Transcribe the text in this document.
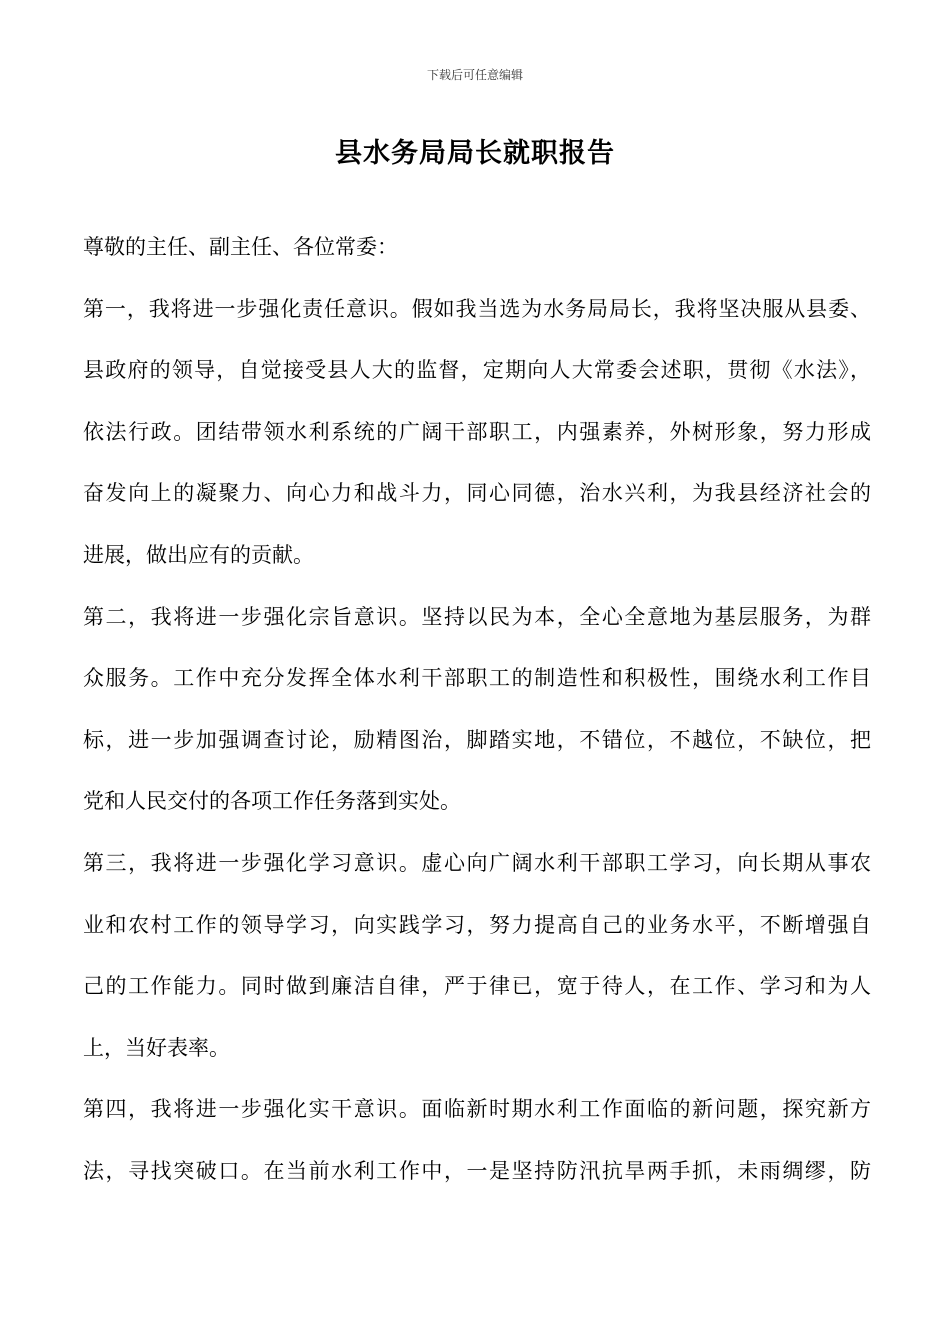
下载后可任意编辑
县水务局局长就职报告
尊敬的主任、副主任、各位常委：
第一，我将进一步强化责任意识。假如我当选为水务局局长，我将坚决服从县委、
县政府的领导，自觉接受县人大的监督，定期向人大常委会述职，贯彻《水法》，
依法行政。团结带领水利系统的广阔干部职工，内强素养，外树形象，努力形成
奋发向上的凝聚力、向心力和战斗力，同心同德，治水兴利，为我县经济社会的
进展，做出应有的贡献。
第二，我将进一步强化宗旨意识。坚持以民为本，全心全意地为基层服务，为群
众服务。工作中充分发挥全体水利干部职工的制造性和积极性，围绕水利工作目
标，进一步加强调查讨论，励精图治，脚踏实地，不错位，不越位，不缺位，把
党和人民交付的各项工作任务落到实处。
第三，我将进一步强化学习意识。虚心向广阔水利干部职工学习，向长期从事农
业和农村工作的领导学习，向实践学习，努力提高自己的业务水平，不断增强自
己的工作能力。同时做到廉洁自律，严于律已，宽于待人，在工作、学习和为人
上，当好表率。
第四，我将进一步强化实干意识。面临新时期水利工作面临的新问题，探究新方
法，寻找突破口。在当前水利工作中，一是坚持防汛抗旱两手抓，未雨绸缪，防
